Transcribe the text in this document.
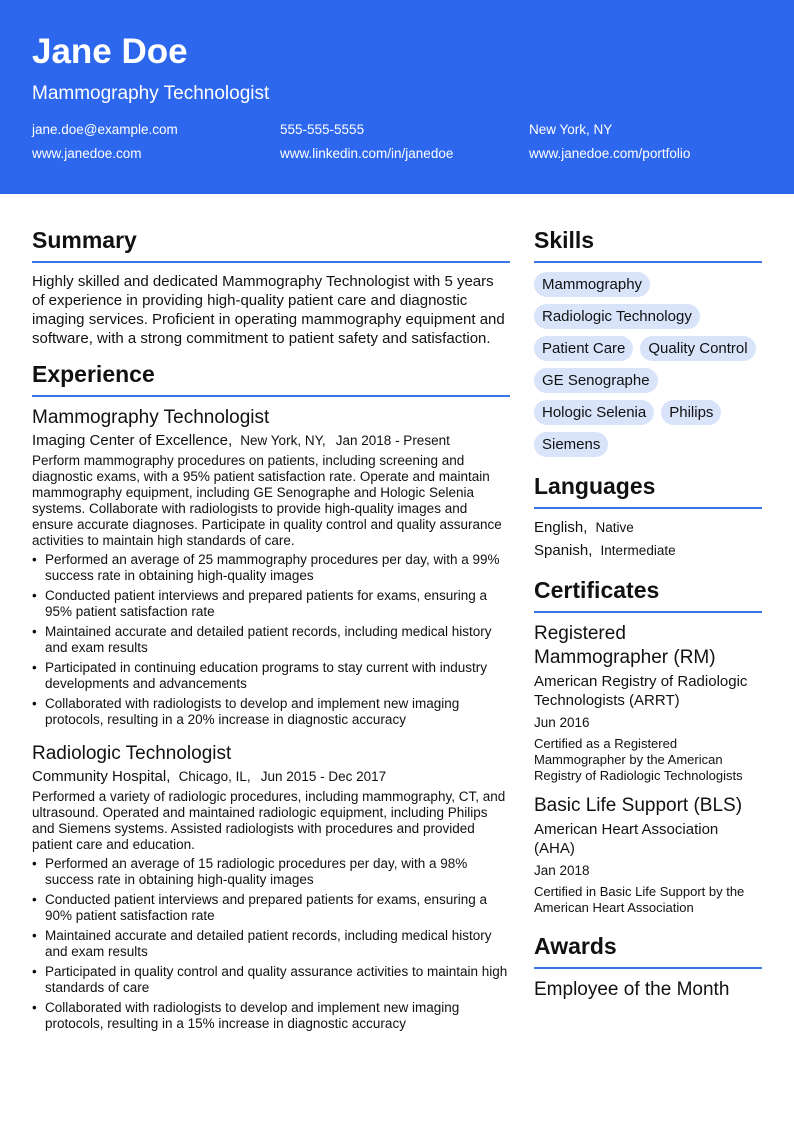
Jane Doe
Mammography Technologist
jane.doe@example.com	555-555-5555	New York, NY
www.janedoe.com	www.linkedin.com/in/janedoe	www.janedoe.com/portfolio
Summary

Highly skilled and dedicated Mammography Technologist with 5 years of experience in providing high-quality patient care and diagnostic imaging services. Proficient in operating mammography equipment and software, with a strong commitment to patient safety and satisfaction.

Experience
Mammography Technologist
Imaging Center of Excellence, New York, NY, Jan 2018 - Present

Perform mammography procedures on patients, including screening and diagnostic exams, with a 95% patient satisfaction rate. Operate and maintain mammography equipment, including GE Senographe and Hologic Selenia systems. Collaborate with radiologists to provide high-quality images and ensure accurate diagnoses. Participate in quality control and quality assurance activities to maintain high standards of care.

• Performed an average of 25 mammography procedures per day, with a 99% success rate in obtaining high-quality images
• Conducted patient interviews and prepared patients for exams, ensuring a 95% patient satisfaction rate
• Maintained accurate and detailed patient records, including medical history and exam results
• Participated in continuing education programs to stay current with industry developments and advancements
• Collaborated with radiologists to develop and implement new imaging protocols, resulting in a 20% increase in diagnostic accuracy
Radiologic Technologist
Community Hospital, Chicago, IL, Jun 2015 - Dec 2017

Performed a variety of radiologic procedures, including mammography, CT, and ultrasound. Operated and maintained radiologic equipment, including Philips and Siemens systems. Assisted radiologists with procedures and provided patient care and education.

• Performed an average of 15 radiologic procedures per day, with a 98% success rate in obtaining high-quality images
• Conducted patient interviews and prepared patients for exams, ensuring a 90% patient satisfaction rate
• Maintained accurate and detailed patient records, including medical history and exam results
• Participated in quality control and quality assurance activities to maintain high standards of care
• Collaborated with radiologists to develop and implement new imaging protocols, resulting in a 15% increase in diagnostic accuracy
Skills
Mammography
Radiologic Technology
Patient Care	Quality Control
GE Senographe
Hologic Selenia	Philips
Siemens
Languages
English, Native
Spanish, Intermediate
Certificates
Registered Mammographer (RM)
American Registry of Radiologic Technologists (ARRT)
Jun 2016
Certified as a Registered Mammographer by the American Registry of Radiologic Technologists
Basic Life Support (BLS)
American Heart Association (AHA)
Jan 2018
Certified in Basic Life Support by the American Heart Association
Awards
Employee of the Month
